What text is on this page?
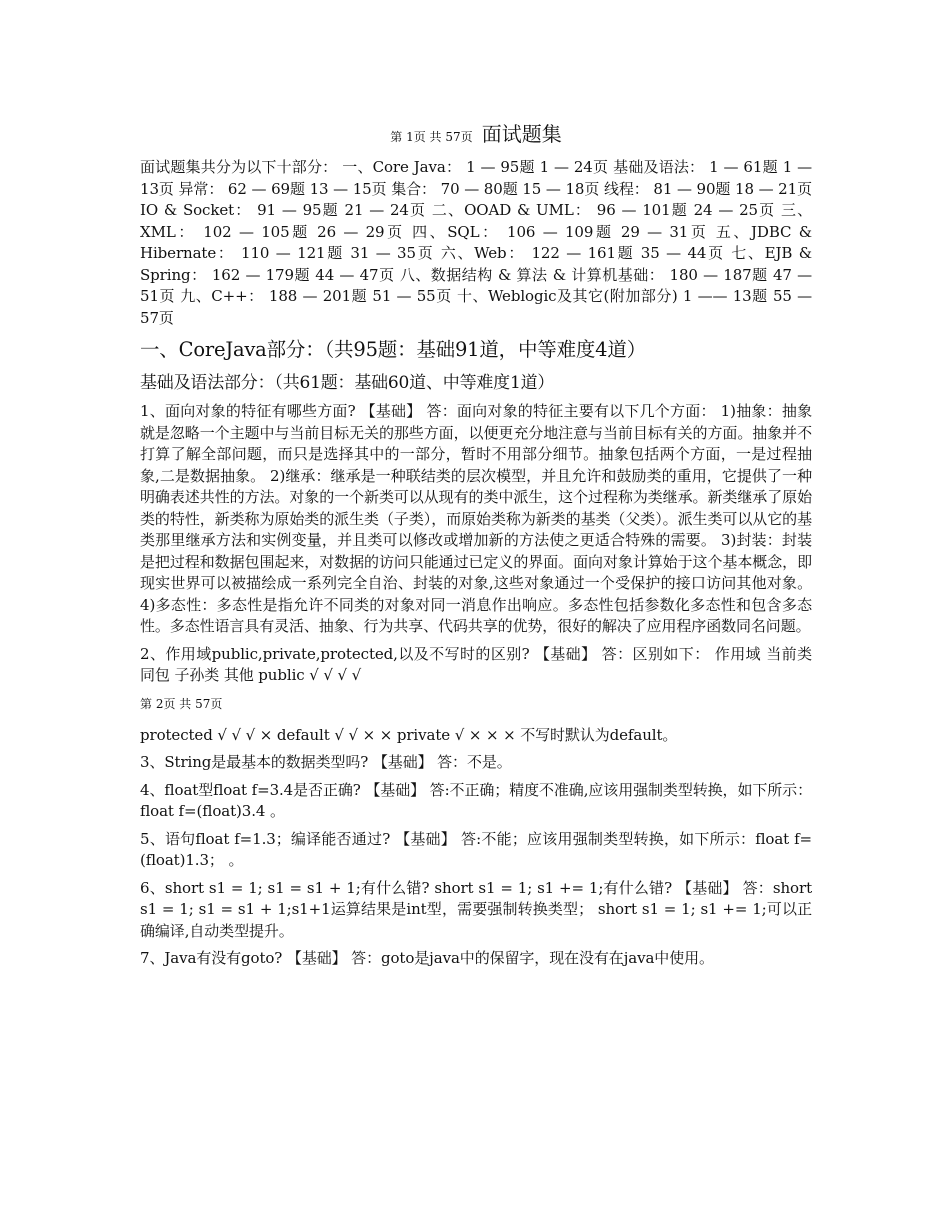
第 1页 共 57页 面试题集

面试题集共分为以下十部分： 一、Core Java： 1 — 95题 1 — 24页 基础及语法： 1 — 61题 1 — 13页 异常： 62 — 69题 13 — 15页 集合： 70 — 80题 15 — 18页 线程： 81 — 90题 18 — 21页 IO & Socket： 91 — 95题 21 — 24页 二、OOAD & UML： 96 — 101题 24 — 25页 三、XML： 102 — 105题 26 — 29页 四、SQL： 106 — 109题 29 — 31页 五、JDBC & Hibernate： 110 — 121题 31 — 35页 六、Web： 122 — 161题 35 — 44页 七、EJB & Spring： 162 — 179题 44 — 47页 八、数据结构 & 算法 & 计算机基础： 180 — 187题 47 — 51页 九、C++： 188 — 201题 51 — 55页 十、Weblogic及其它(附加部分) 1 —— 13题 55 — 57页

一、CoreJava部分：（共95题：基础91道，中等难度4道）
基础及语法部分：（共61题：基础60道、中等难度1道）

1、面向对象的特征有哪些方面? 【基础】 答：面向对象的特征主要有以下几个方面： 1)抽象：抽象就是忽略一个主题中与当前目标无关的那些方面，以便更充分地注意与当前目标有关的方面。抽象并不打算了解全部问题，而只是选择其中的一部分，暂时不用部分细节。抽象包括两个方面，一是过程抽象,二是数据抽象。 2)继承：继承是一种联结类的层次模型，并且允许和鼓励类的重用，它提供了一种明确表述共性的方法。对象的一个新类可以从现有的类中派生，这个过程称为类继承。新类继承了原始类的特性，新类称为原始类的派生类（子类），而原始类称为新类的基类（父类）。派生类可以从它的基类那里继承方法和实例变量，并且类可以修改或增加新的方法使之更适合特殊的需要。 3)封装：封装是把过程和数据包围起来，对数据的访问只能通过已定义的界面。面向对象计算始于这个基本概念，即现实世界可以被描绘成一系列完全自治、封装的对象,这些对象通过一个受保护的接口访问其他对象。 4)多态性：多态性是指允许不同类的对象对同一消息作出响应。多态性包括参数化多态性和包含多态性。多态性语言具有灵活、抽象、行为共享、代码共享的优势，很好的解决了应用程序函数同名问题。

2、作用域public,private,protected,以及不写时的区别? 【基础】 答：区别如下： 作用域 当前类 同包 子孙类 其他 public √ √ √ √

第 2页 共 57页

protected √ √ √ × default √ √ × × private √ × × × 不写时默认为default。

3、String是最基本的数据类型吗? 【基础】 答：不是。

4、float型float f=3.4是否正确? 【基础】 答:不正确；精度不准确,应该用强制类型转换，如下所示：float f=(float)3.4 。

5、语句float f=1.3；编译能否通过? 【基础】 答:不能；应该用强制类型转换，如下所示：float f=(float)1.3； 。

6、short s1 = 1; s1 = s1 + 1;有什么错? short s1 = 1; s1 += 1;有什么错? 【基础】 答：short s1 = 1; s1 = s1 + 1;s1+1运算结果是int型，需要强制转换类型； short s1 = 1; s1 += 1;可以正确编译,自动类型提升。

7、Java有没有goto? 【基础】 答：goto是java中的保留字，现在没有在java中使用。
